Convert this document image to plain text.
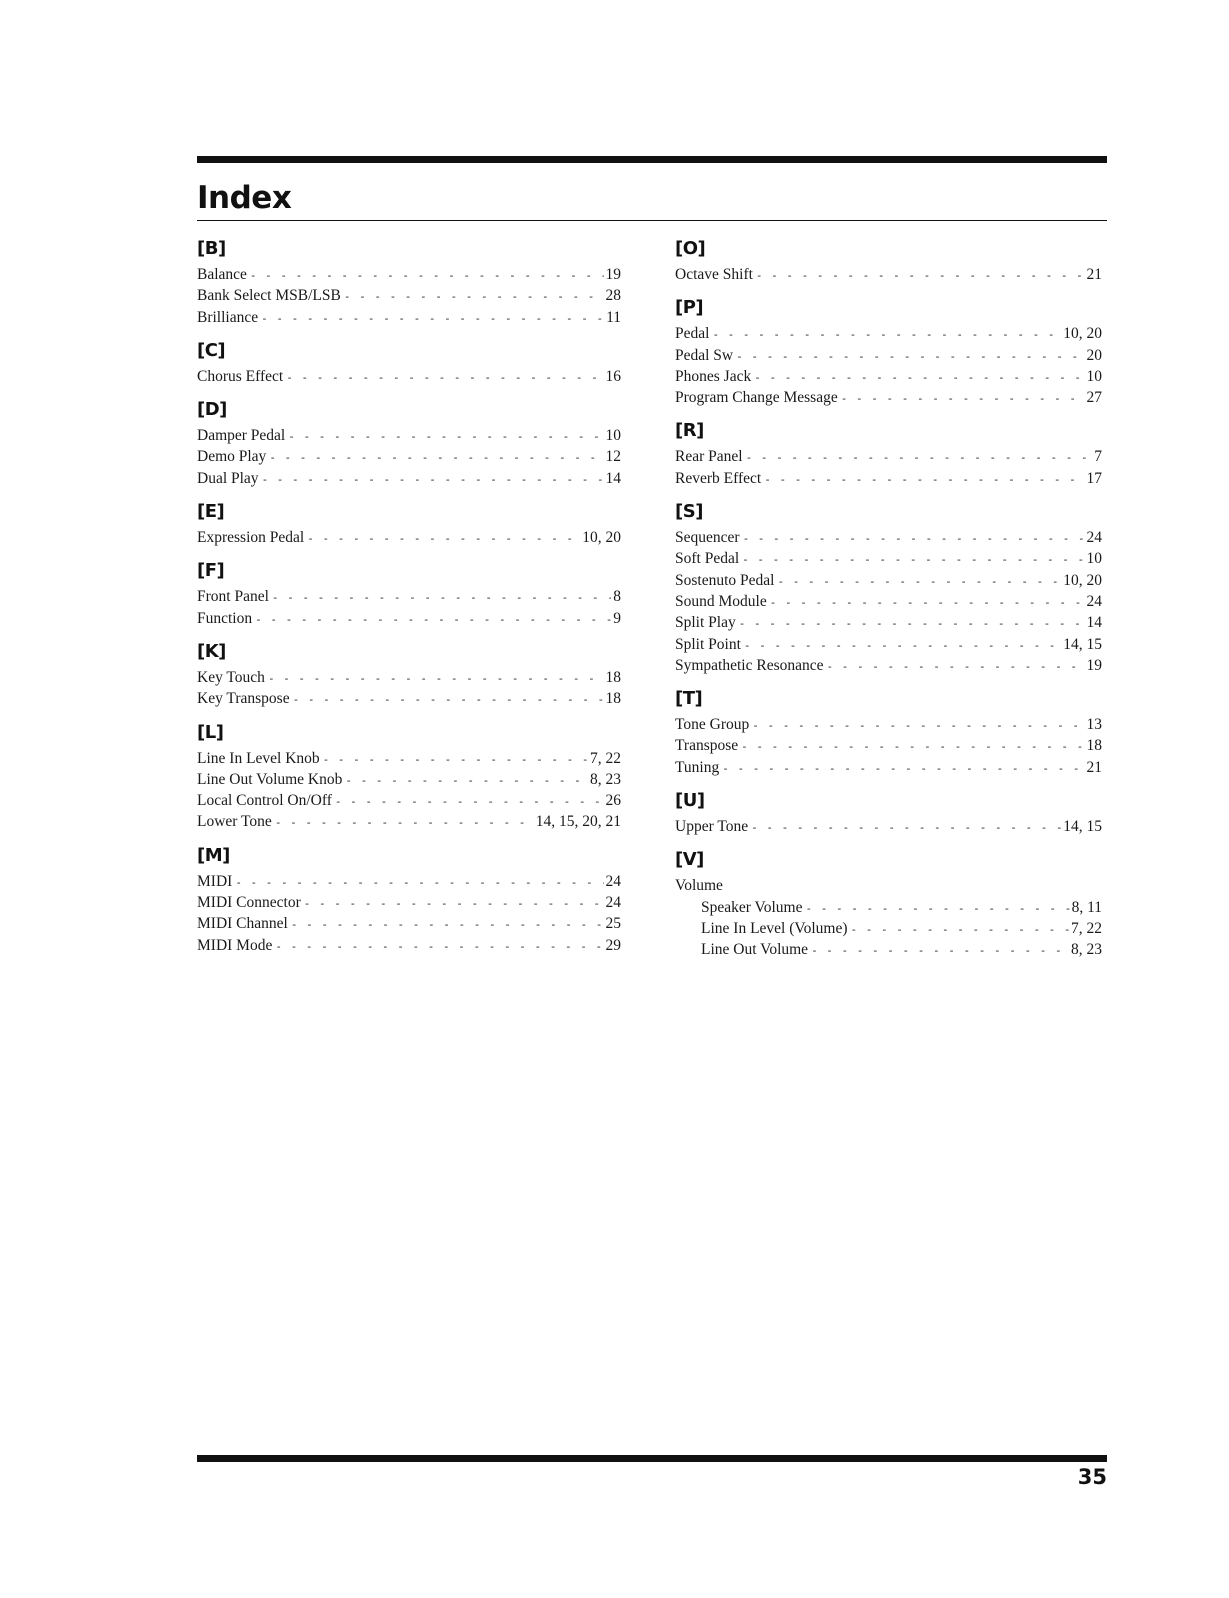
Index
[B]
Balance - - -	19
Bank Select MSB/LSB - - -	28
Brilliance - - -	11
[C]
Chorus Effect - - -	16
[D]
Damper Pedal - - -	10
Demo Play - - -	12
Dual Play - - -	14
[E]
Expression Pedal - - -	10, 20
[F]
Front Panel - - -	8
Function - - -	9
[K]
Key Touch - - -	18
Key Transpose - - -	18
[L]
Line In Level Knob - - -	7, 22
Line Out Volume Knob - - -	8, 23
Local Control On/Off - - -	26
Lower Tone - - -	14, 15, 20, 21
[M]
MIDI - - -	24
MIDI Connector - - -	24
MIDI Channel - - -	25
MIDI Mode - - -	29
[O]
Octave Shift - - -	21
[P]
Pedal - - -	10, 20
Pedal Sw - - -	20
Phones Jack - - -	10
Program Change Message - - -	27
[R]
Rear Panel - - -	7
Reverb Effect - - -	17
[S]
Sequencer - - -	24
Soft Pedal - - -	10
Sostenuto Pedal - - -	10, 20
Sound Module - - -	24
Split Play - - -	14
Split Point - - -	14, 15
Sympathetic Resonance - - -	19
[T]
Tone Group - - -	13
Transpose - - -	18
Tuning - - -	21
[U]
Upper Tone - - -	14, 15
[V]
Volume
Speaker Volume - - -	8, 11
Line In Level (Volume) - - -	7, 22
Line Out Volume - - -	8, 23
35
